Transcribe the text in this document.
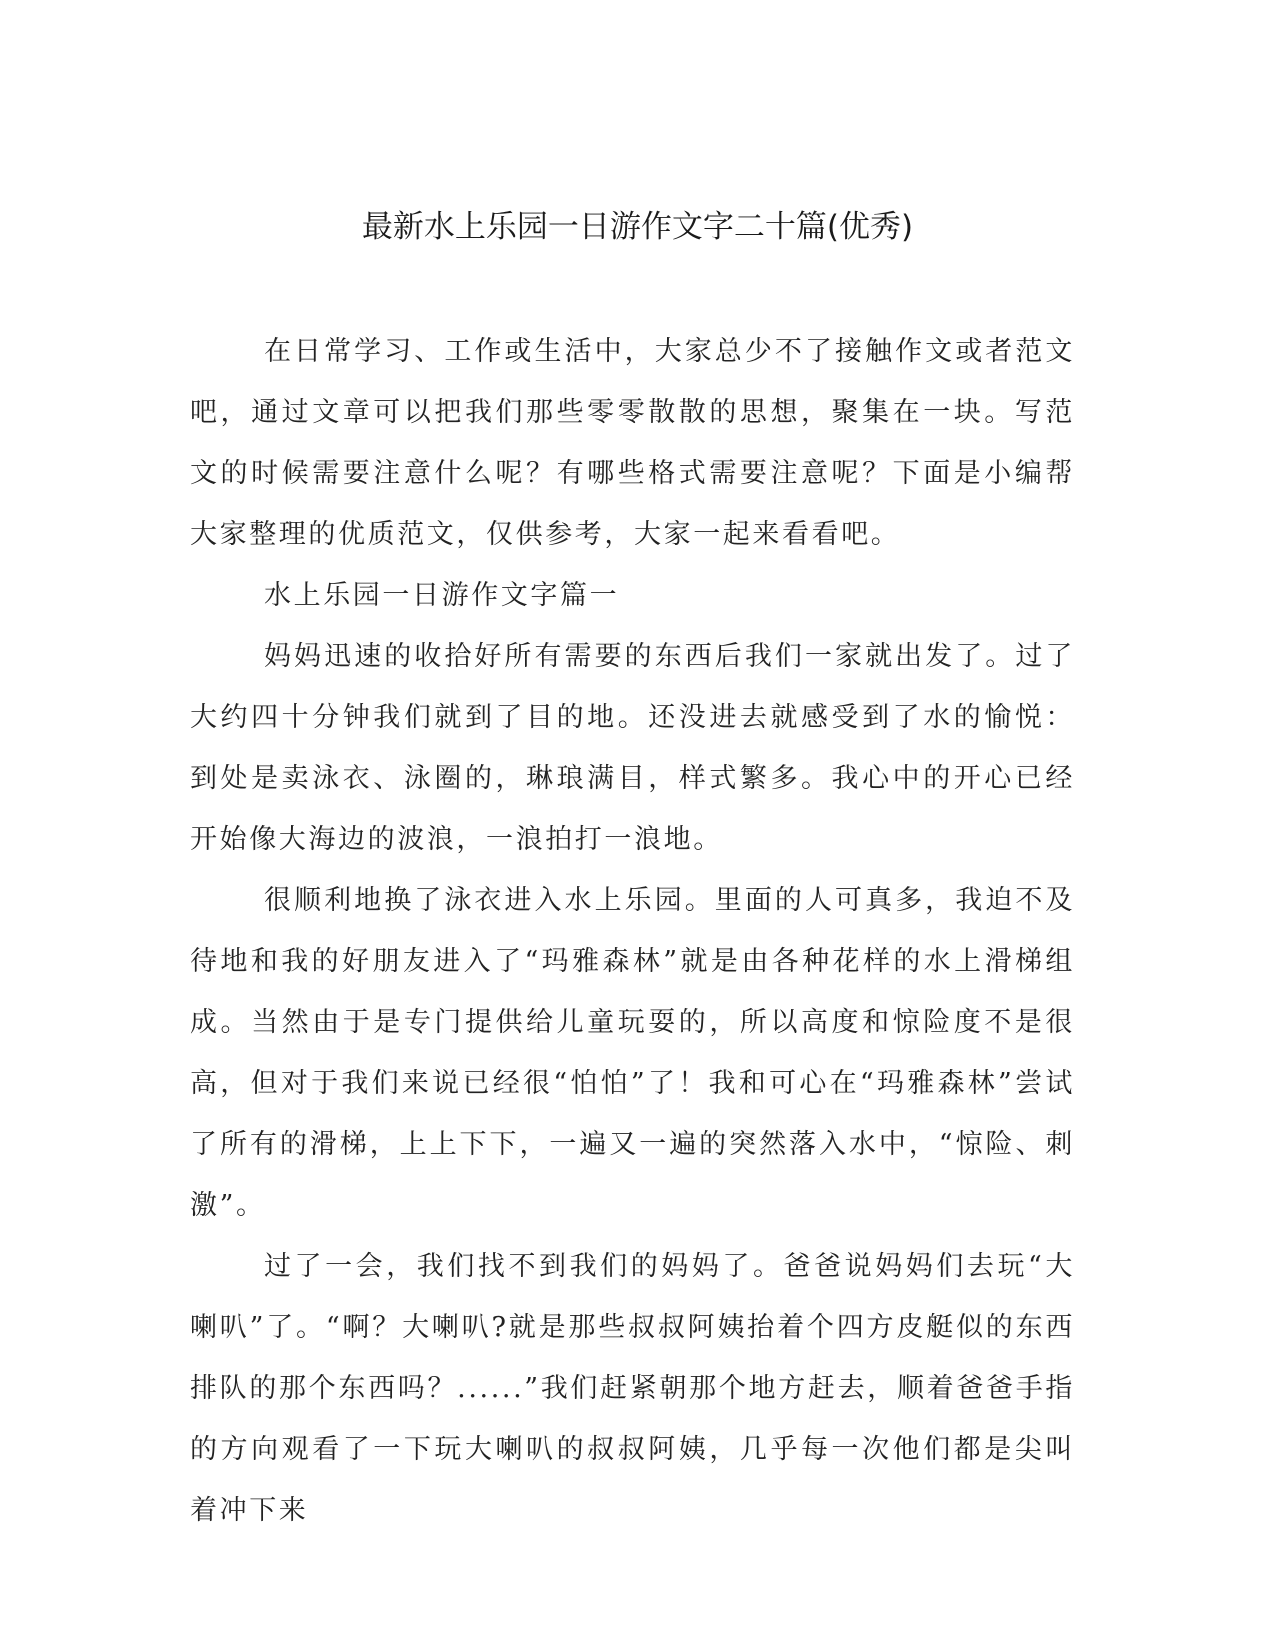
最新水上乐园一日游作文字二十篇(优秀)

在日常学习、工作或生活中，大家总少不了接触作文或者范文吧，通过文章可以把我们那些零零散散的思想，聚集在一块。写范文的时候需要注意什么呢？有哪些格式需要注意呢？下面是小编帮大家整理的优质范文，仅供参考，大家一起来看看吧。

水上乐园一日游作文字篇一

妈妈迅速的收拾好所有需要的东西后我们一家就出发了。过了大约四十分钟我们就到了目的地。还没进去就感受到了水的愉悦：到处是卖泳衣、泳圈的，琳琅满目，样式繁多。我心中的开心已经开始像大海边的波浪，一浪拍打一浪地。

很顺利地换了泳衣进入水上乐园。里面的人可真多，我迫不及待地和我的好朋友进入了“玛雅森林”就是由各种花样的水上滑梯组成。当然由于是专门提供给儿童玩耍的，所以高度和惊险度不是很高，但对于我们来说已经很“怕怕”了！我和可心在“玛雅森林”尝试了所有的滑梯，上上下下，一遍又一遍的突然落入水中，“惊险、刺激”。

过了一会，我们找不到我们的妈妈了。爸爸说妈妈们去玩“大喇叭”了。“啊？大喇叭?就是那些叔叔阿姨抬着个四方皮艇似的东西排队的那个东西吗？......”我们赶紧朝那个地方赶去，顺着爸爸手指的方向观看了一下玩大喇叭的叔叔阿姨，几乎每一次他们都是尖叫着冲下来
